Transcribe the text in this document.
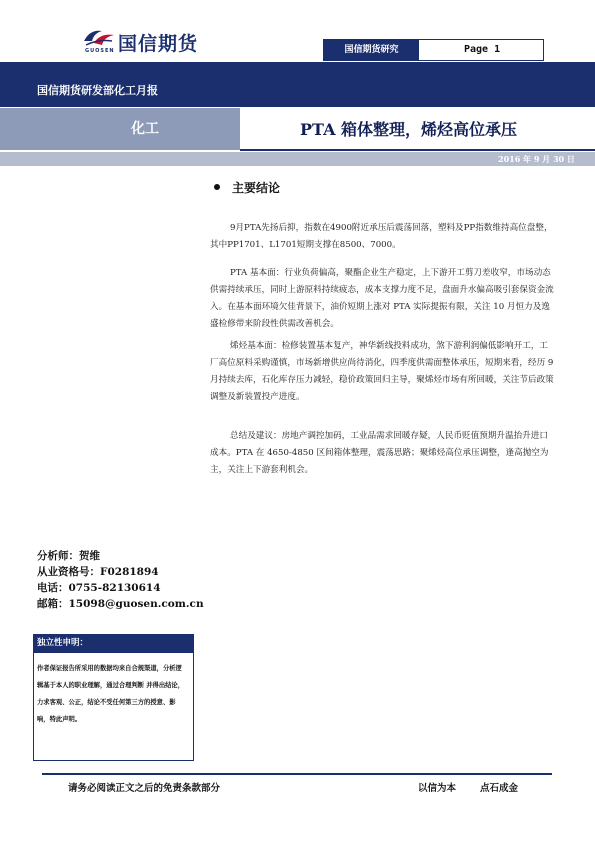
GUOSEN 国信期货	国信期货研究	Page 1
国信期货研发部化工月报
化工	PTA 箱体整理，烯烃高位承压
2016 年 9 月 30 日
主要结论

9月PTA先扬后抑，指数在4900附近承压后震荡回落，塑料及PP指数维持高位盘整，其中PP1701、L1701短期支撑在8500、7000。

PTA 基本面：行业负荷偏高，聚酯企业生产稳定，上下游开工剪刀差收窄，市场动态供需持续承压，同时上游原料持续疲态，成本支撑力度不足，盘面升水偏高吸引套保资金流入。在基本面环境欠佳背景下，油价短期上涨对 PTA 实际提振有限，关注 10 月恒力及逸盛检修带来阶段性供需改善机会。

烯烃基本面：检修装置基本复产，神华新线投料成功，煞下游利润偏低影响开工，工厂高位原料采购谨慎，市场新增供应尚待消化，四季度供需面整体承压，短期来看，经历 9 月持续去库，石化库存压力减轻，稳价政策回归主导，聚烯烃市场有所回暖，关注节后政策调整及新装置投产进度。

总结及建议：房地产调控加码，工业品需求回暖存疑，人民币贬值预期升温抬升进口成本。PTA 在 4650-4850 区间箱体整理，震荡思路；聚烯烃高位承压调整，逢高抛空为主，关注上下游套利机会。

分析师：贺维
从业资格号：F0281894
电话：0755-82130614
邮箱：15098@guosen.com.cn
独立性申明：
作者保证报告所采用的数据均来自合规渠道，分析逻辑基于本人的职业理解，通过合理判断 并得出结论，力求客观、公正，结论不受任何第三方的授意、影响，特此声明。
请务必阅读正文之后的免责条款部分	以信为本	点石成金
